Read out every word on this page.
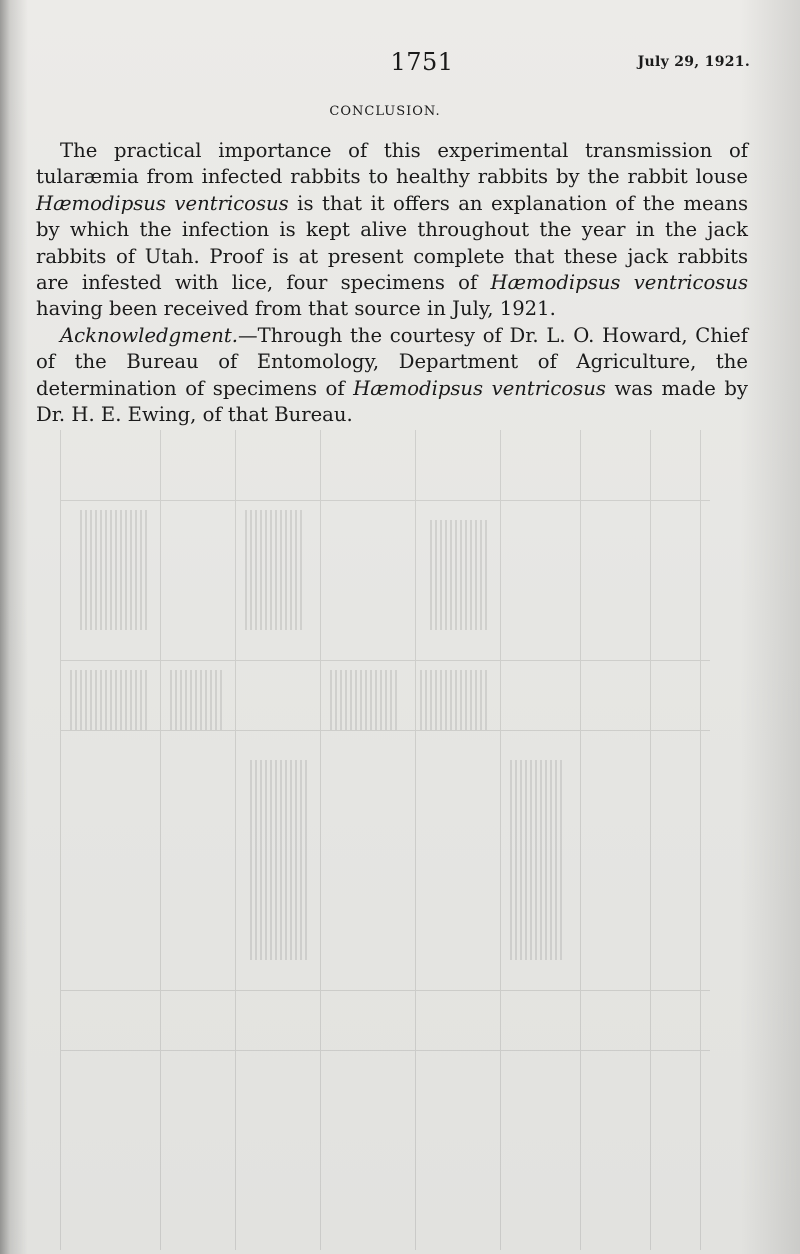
1751	July 29, 1921.
CONCLUSION.

The practical importance of this experimental transmission of tularæmia from infected rabbits to healthy rabbits by the rabbit louse Hæmodipsus ventricosus is that it offers an explanation of the means by which the infection is kept alive throughout the year in the jack rabbits of Utah. Proof is at present complete that these jack rabbits are infested with lice, four specimens of Hæmodipsus ventricosus having been received from that source in July, 1921.

Acknowledgment.—Through the courtesy of Dr. L. O. Howard, Chief of the Bureau of Entomology, Department of Agriculture, the determination of specimens of Hæmodipsus ventricosus was made by Dr. H. E. Ewing, of that Bureau.
